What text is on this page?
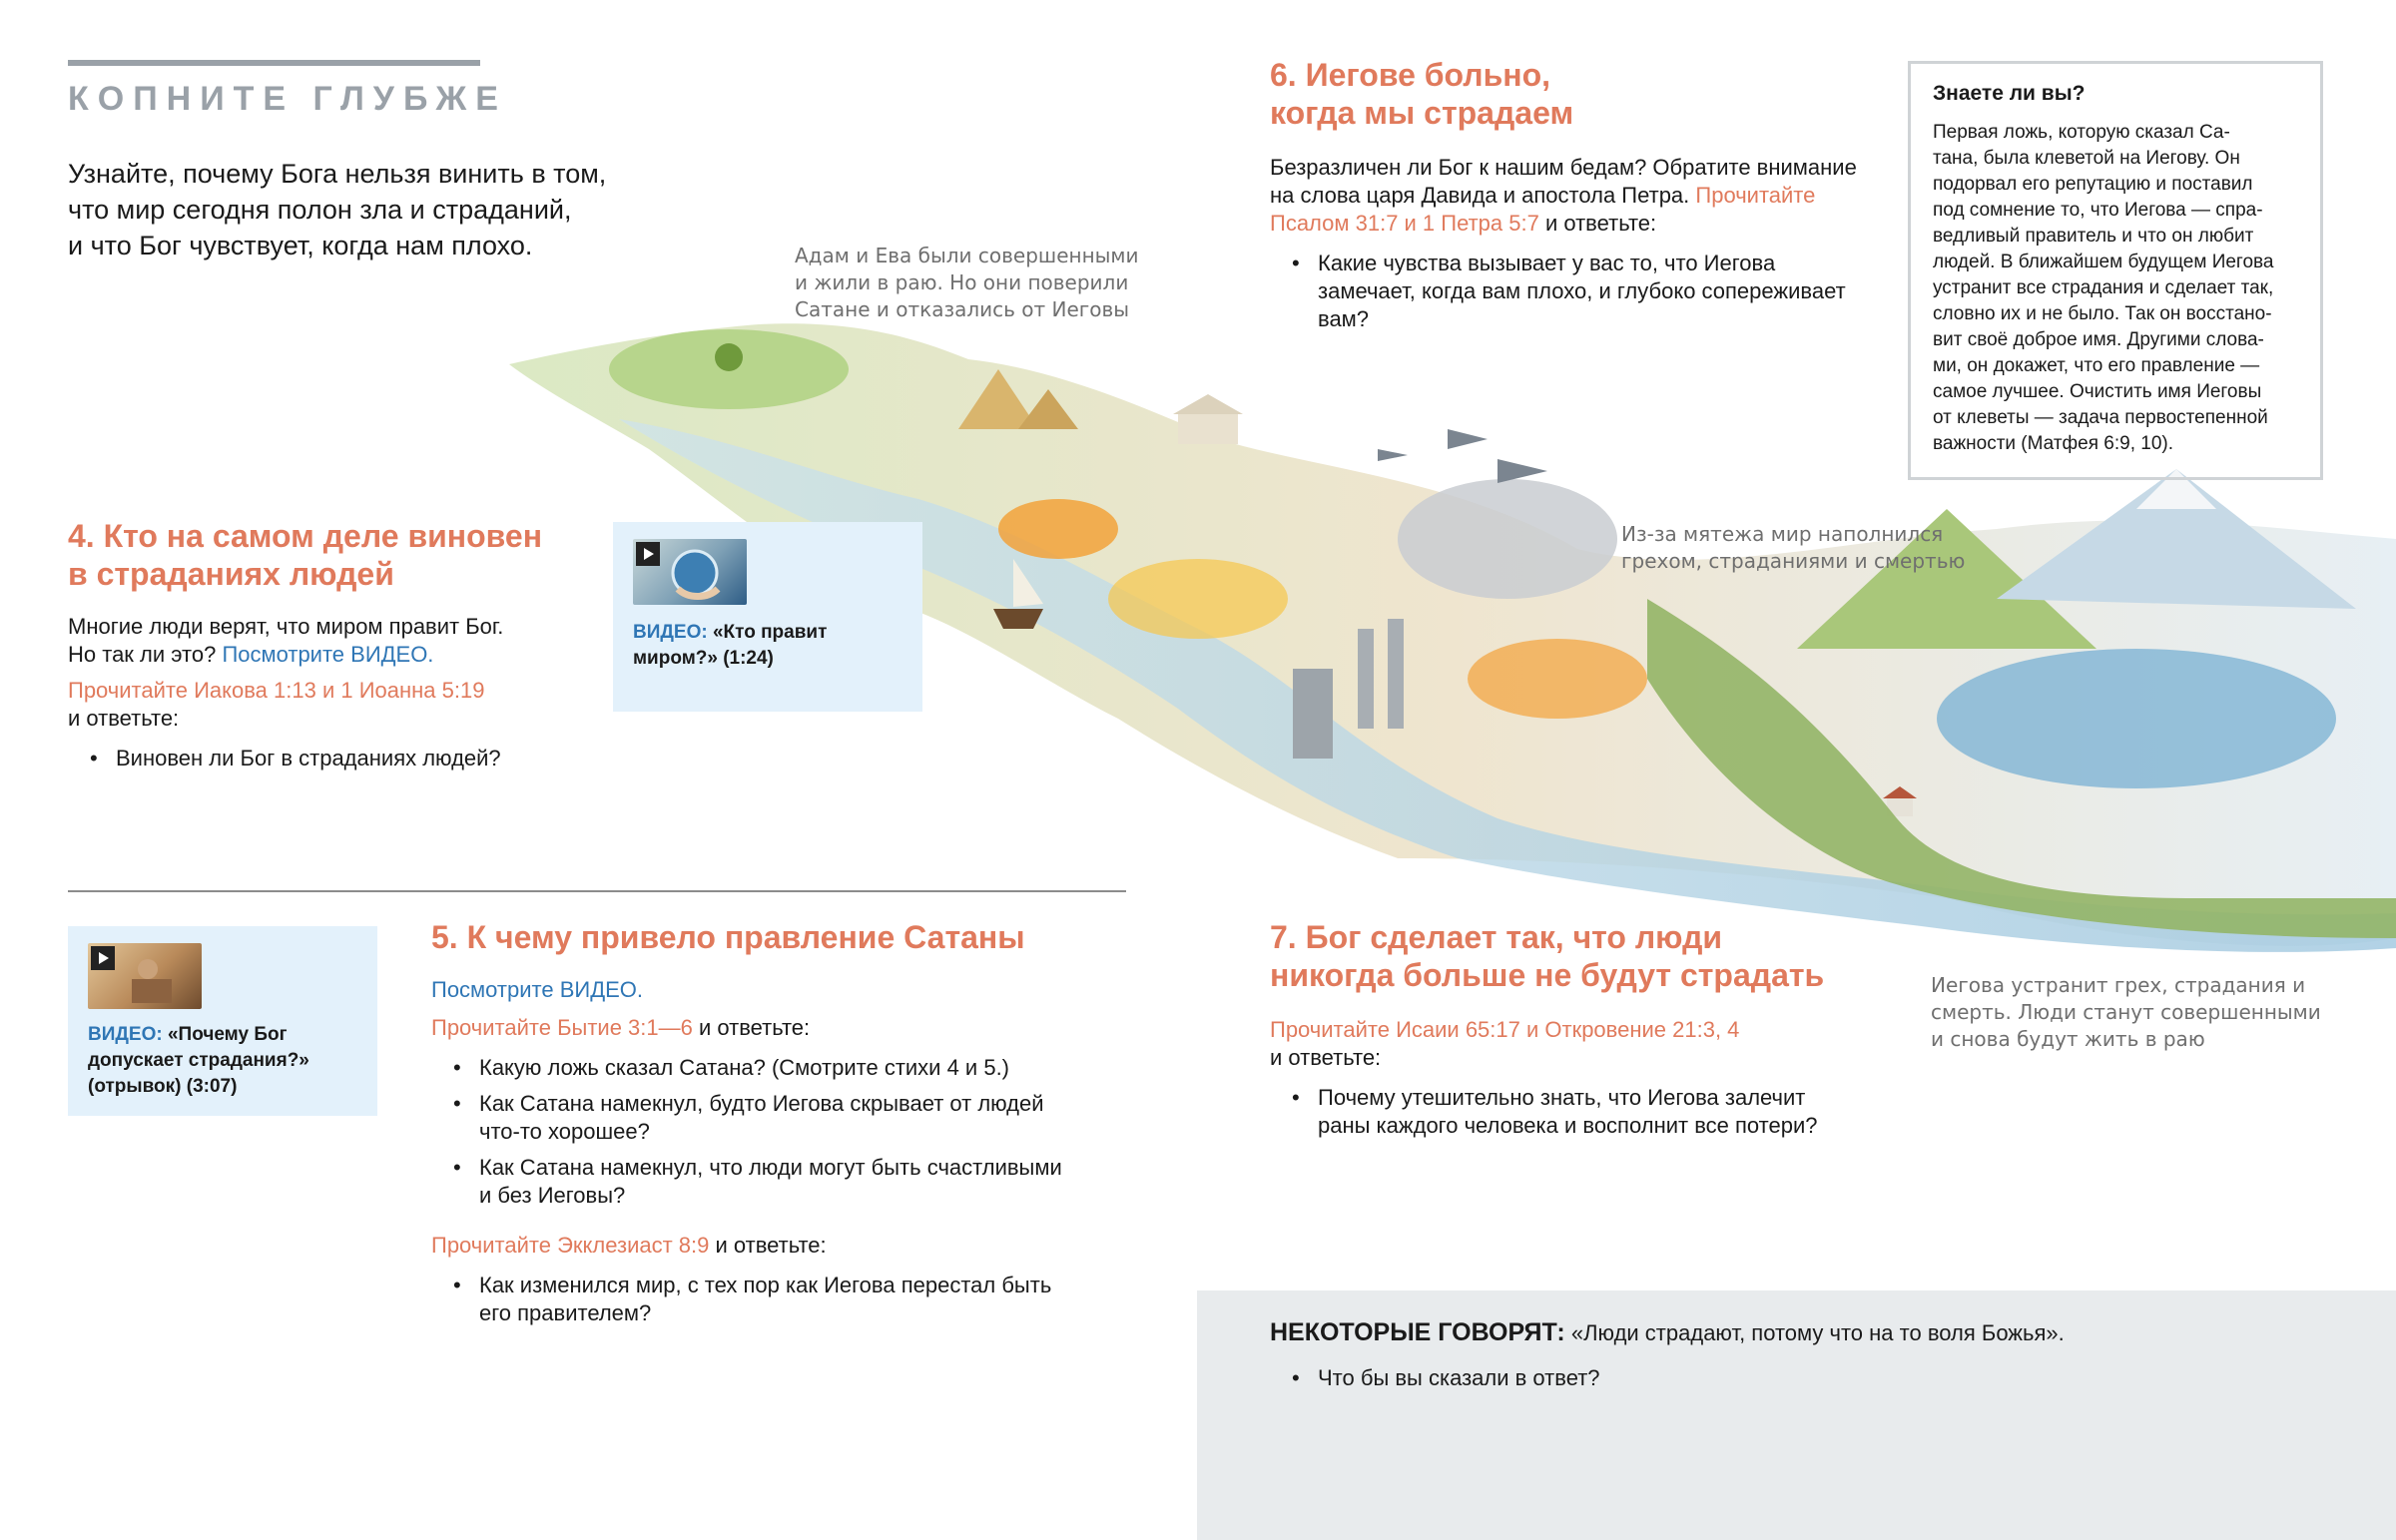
КОПНИТЕ ГЛУБЖЕ
Узнайте, почему Бога нельзя винить в том,
что мир сегодня полон зла и страданий,
и что Бог чувствует, когда нам плохо.	Адам и Ева были совершенными
и жили в раю. Но они поверили
Сатане и отказались от Иеговы
Из-за мятежа мир наполнился
грехом, страданиями и смертью
Иегова устранит грех, страдания и
смерть. Люди станут совершенными
и снова будут жить в раю
4. Кто на самом деле виновен
в страданиях людей
Многие люди верят, что миром правит Бог.
Но так ли это? Посмотрите ВИДЕО.
Прочитайте Иакова 1:13 и 1 Иоанна 5:19
и ответьте:
• Виновен ли Бог в страданиях людей?
ВИДЕО: «Кто правит
миром?» (1:24)
ВИДЕО: «Почему Бог
допускает страдания?»
(отрывок) (3:07)
5. К чему привело правление Сатаны
Посмотрите ВИДЕО.
Прочитайте Бытие 3:1—6 и ответьте:
• Какую ложь сказал Сатана? (Смотрите стихи 4 и 5.)
• Как Сатана намекнул, будто Иегова скрывает от людей что-то хорошее?
• Как Сатана намекнул, что люди могут быть счастливыми и без Иеговы?
Прочитайте Экклезиаст 8:9 и ответьте:
• Как изменился мир, с тех пор как Иегова перестал быть его правителем?
6. Иегове больно,
когда мы страдаем
Безразличен ли Бог к нашим бедам? Обратите внимание
на слова царя Давида и апостола Петра. Прочитайте
Псалом 31:7 и 1 Петра 5:7 и ответьте:
• Какие чувства вызывает у вас то, что Иегова замечает, когда вам плохо, и глубоко сопереживает вам?
Знаете ли вы?
Первая ложь, которую сказал Са-
тана, была клеветой на Иегову. Он
подорвал его репутацию и поставил
под сомнение то, что Иегова — спра-
ведливый правитель и что он любит
людей. В ближайшем будущем Иегова
устранит все страдания и сделает так,
словно их и не было. Так он восстано-
вит своё доброе имя. Другими слова-
ми, он докажет, что его правление —
самое лучшее. Очистить имя Иеговы
от клеветы — задача первостепенной
важности (Матфея 6:9, 10).
7. Бог сделает так, что люди
никогда больше не будут страдать
Прочитайте Исаии 65:17 и Откровение 21:3, 4
и ответьте:
• Почему утешительно знать, что Иегова залечит раны каждого человека и восполнит все потери?
НЕКОТОРЫЕ ГОВОРЯТ: «Люди страдают, потому что на то воля Божья».
• Что бы вы сказали в ответ?
